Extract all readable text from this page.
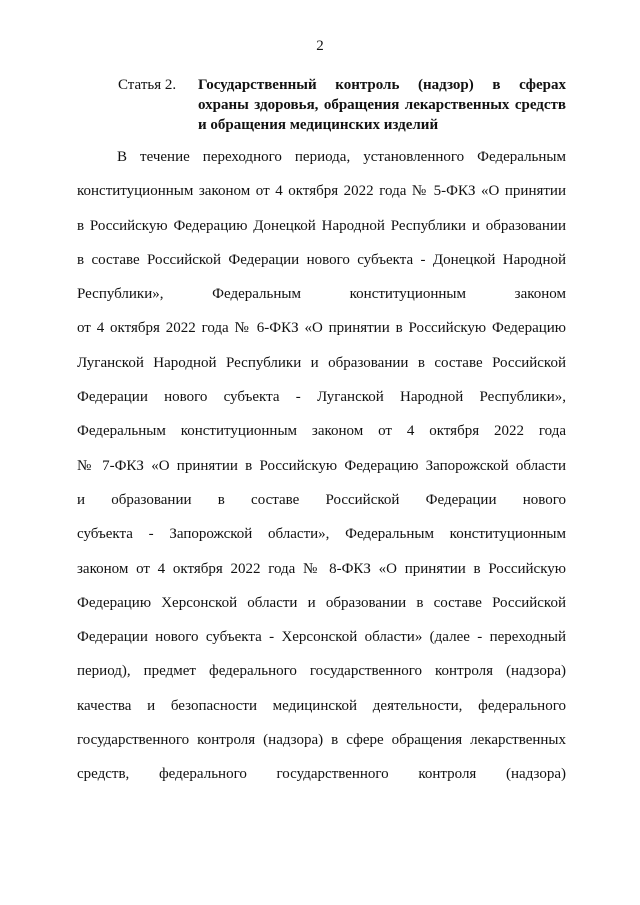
2
Статья 2. Государственный контроль (надзор) в сферах
охраны здоровья, обращения лекарственных средств
и обращения медицинских изделий
В течение переходного периода, установленного Федеральным
конституционным законом от 4 октября 2022 года № 5-ФКЗ «О принятии
в Российскую Федерацию Донецкой Народной Республики и образовании
в составе Российской Федерации нового субъекта - Донецкой Народной
Республики», Федеральным конституционным законом
от 4 октября 2022 года № 6-ФКЗ «О принятии в Российскую Федерацию
Луганской Народной Республики и образовании в составе Российской
Федерации нового субъекта - Луганской Народной Республики»,
Федеральным конституционным законом от 4 октября 2022 года
№ 7-ФКЗ «О принятии в Российскую Федерацию Запорожской области
и образовании в составе Российской Федерации нового
субъекта - Запорожской области», Федеральным конституционным
законом от 4 октября 2022 года № 8-ФКЗ «О принятии в Российскую
Федерацию Херсонской области и образовании в составе Российской
Федерации нового субъекта - Херсонской области» (далее - переходный
период), предмет федерального государственного контроля (надзора)
качества и безопасности медицинской деятельности, федерального
государственного контроля (надзора) в сфере обращения лекарственных
средств, федерального государственного контроля (надзора)
